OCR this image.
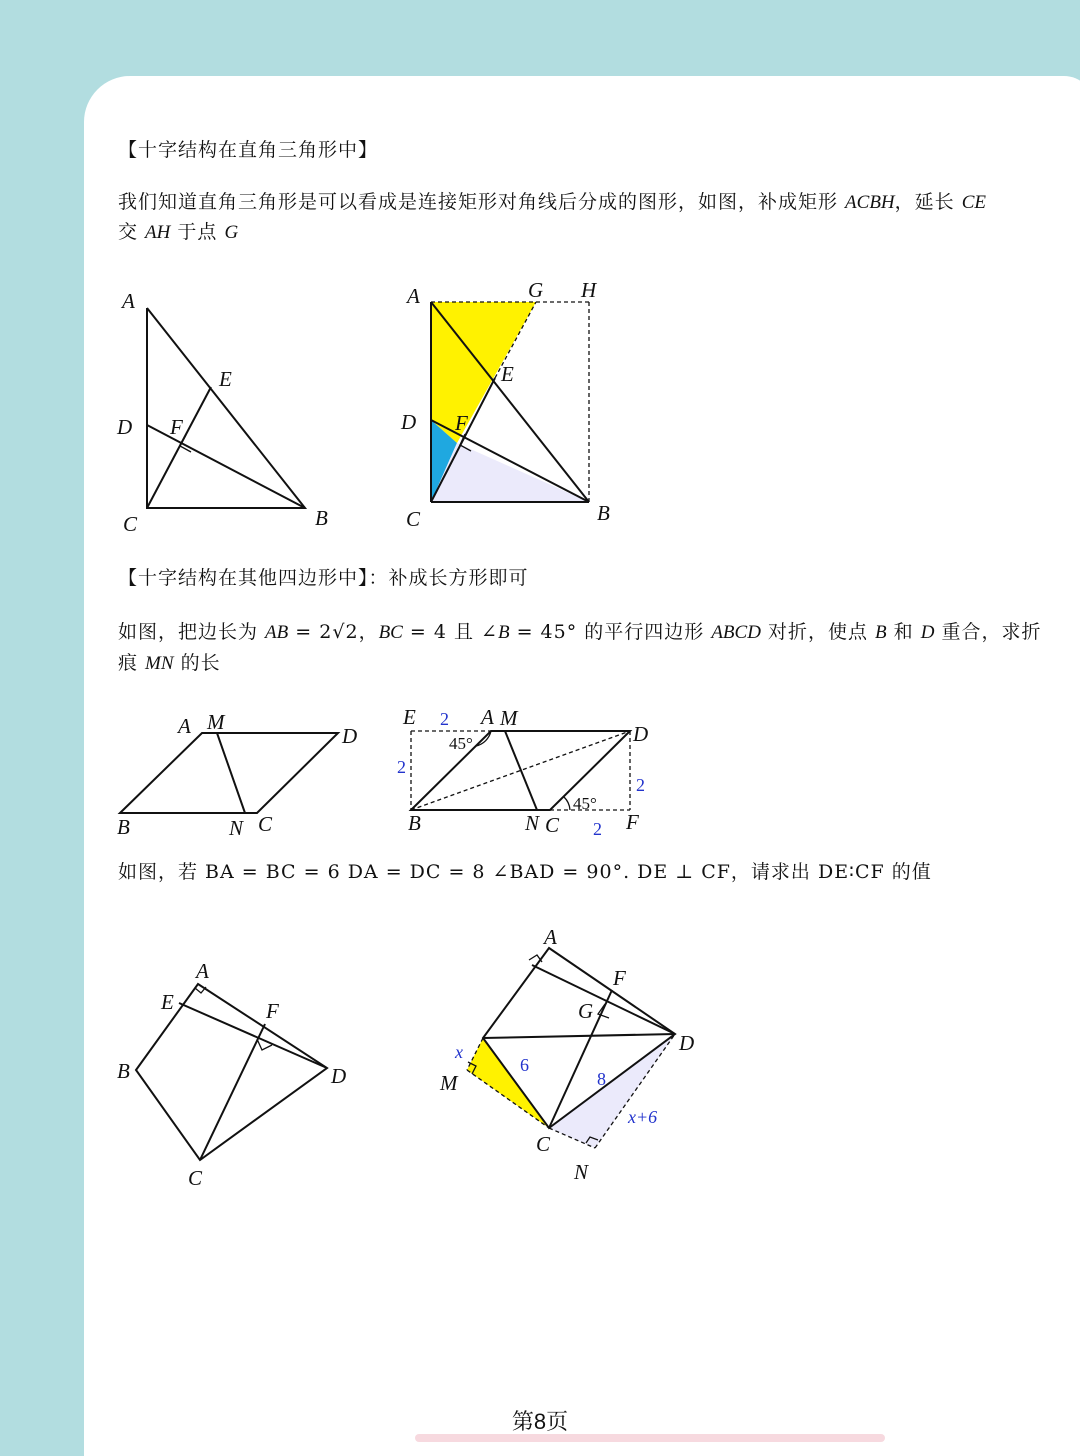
【十字结构在直角三角形中】
我们知道直角三角形是可以看成是连接矩形对角线后分成的图形，如图，补成矩形 ACBH，延长 CE
交 AH 于点 G
【十字结构在其他四边形中】：补成长方形即可
如图，把边长为 AB = 2√2，BC = 4 且 ∠B = 45° 的平行四边形 ABCD 对折，使点 B 和 D 重合，求折
痕 MN 的长
如图，若 BA = BC = 6 DA = DC = 8 ∠BAD = 90°. DE ⊥ CF，请求出 DE∶CF 的值
A
E
D F
C	B
A	G H
E
D F
C	B
A M
D
B	N C
E	A M
D
B	N C	F
2
2
2
2
45°
45°
A
E	F
B	D
C
A
F
G
D
M
C
N
x
6
8
x+6
第8页
